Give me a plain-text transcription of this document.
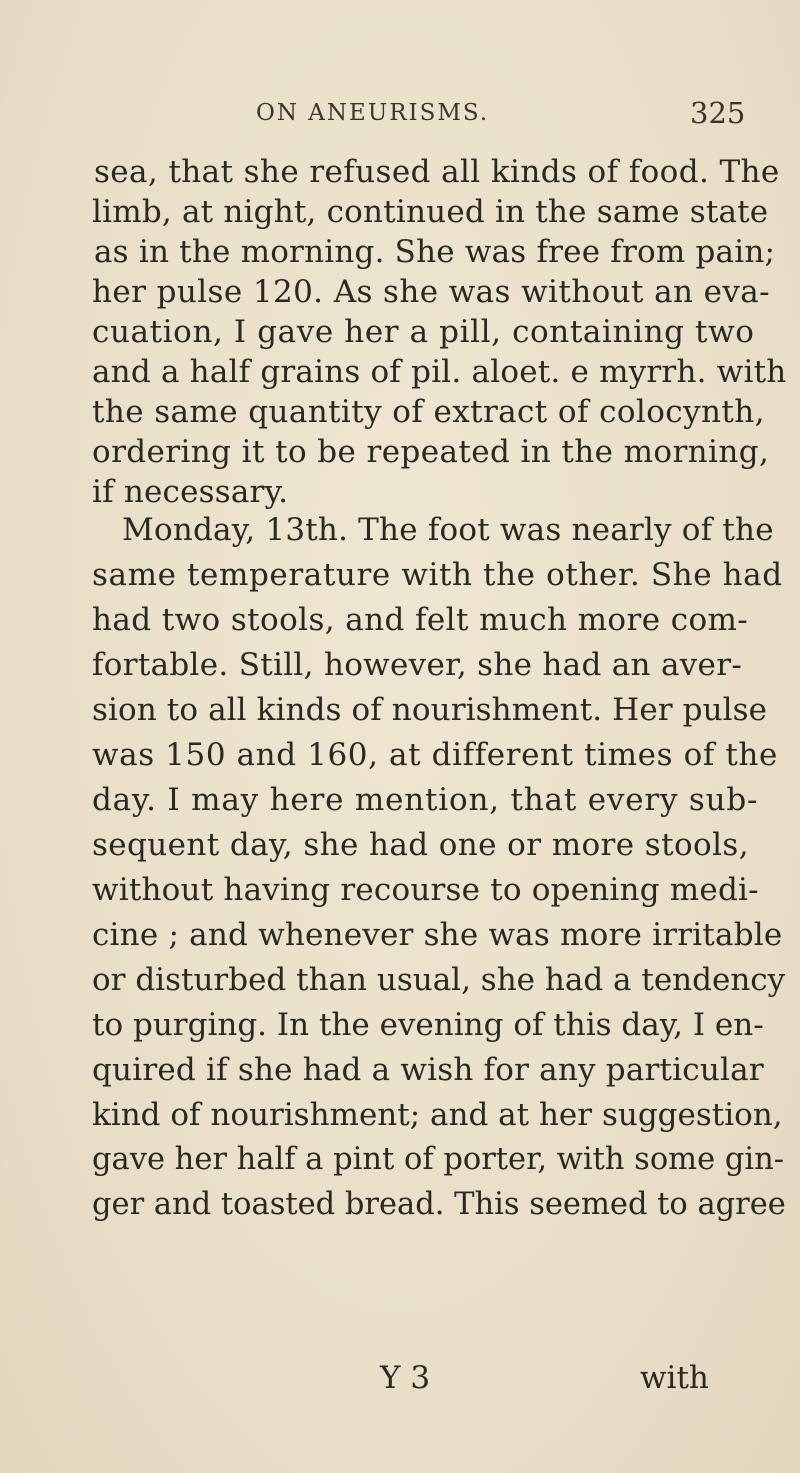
ON ANEURISMS.	325
sea, that she refused all kinds of food. The
limb, at night, continued in the same state
as in the morning. She was free from pain;
her pulse 120. As she was without an eva-
cuation, I gave her a pill, containing two
and a half grains of pil. aloet. e myrrh. with
the same quantity of extract of colocynth,
ordering it to be repeated in the morning,
if necessary.
Monday, 13th. The foot was nearly of the
same temperature with the other. She had
had two stools, and felt much more com-
fortable. Still, however, she had an aver-
sion to all kinds of nourishment. Her pulse
was 150 and 160, at different times of the
day. I may here mention, that every sub-
sequent day, she had one or more stools,
without having recourse to opening medi-
cine ; and whenever she was more irritable
or disturbed than usual, she had a tendency
to purging. In the evening of this day, I en-
quired if she had a wish for any particular
kind of nourishment; and at her suggestion,
gave her half a pint of porter, with some gin-
ger and toasted bread. This seemed to agree
Y 3	with
